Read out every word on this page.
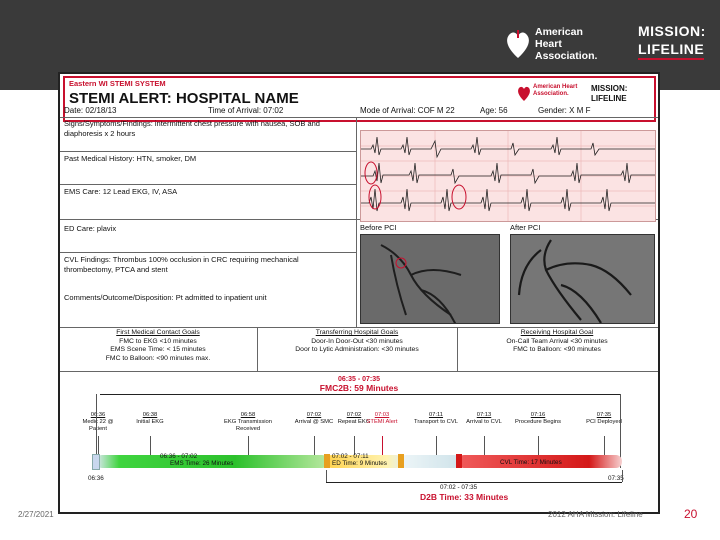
American
Heart
Association.
MISSION:
LIFELINE
Eastern WI STEMI SYSTEM
STEMI ALERT: HOSPITAL NAME
American Heart Association.
MISSION: LIFELINE
Date: 02/18/13	Time of Arrival: 07:02	Mode of Arrival: COF M 22	Age: 56	Gender: X M F
Signs/Symptoms/Findings: intermittent chest pressure with nausea, SOB and diaphoresis x 2 hours
Past Medical History: HTN, smoker, DM
EMS Care: 12 Lead EKG, IV, ASA
ED Care: plavix
CVL Findings: Thrombus 100% occlusion in CRC requiring mechanical thrombectomy, PTCA and stent
Comments/Outcome/Disposition: Pt admitted to inpatient unit
Before PCI	After PCI
First Medical Contact Goals
FMC to EKG <10 minutes
EMS Scene Time: < 15 minutes
FMC to Balloon: <90 minutes max.
Transferring Hospital Goals
Door-In Door-Out <30 minutes
Door to Lytic Administration: <30 minutes
Receiving Hospital Goal
On-Call Team Arrival <30 minutes
FMC to Balloon: <90 minutes
06:35 - 07:35
FMC2B: 59 Minutes
06:36
Medic 22 @ Patient
06:38
Initial EKG
06:58
EKG Transmission Received
07:02
Arrival @ SMC
07:02
Repeat EKG
07:03
STEMI Alert
07:11
Transport to CVL
07:13
Arrival to CVL
07:16
Procedure Begins
07:35
PCI Deployed
06:36 - 07:02
EMS Time: 26 Minutes
07:02 - 07:11
ED Time: 9 Minutes	CVL Time: 17 Minutes
06:36	07:35
07:02 - 07:35
D2B Time: 33 Minutes
2/27/2021	2012 AHA Mission: Lifeline	20
